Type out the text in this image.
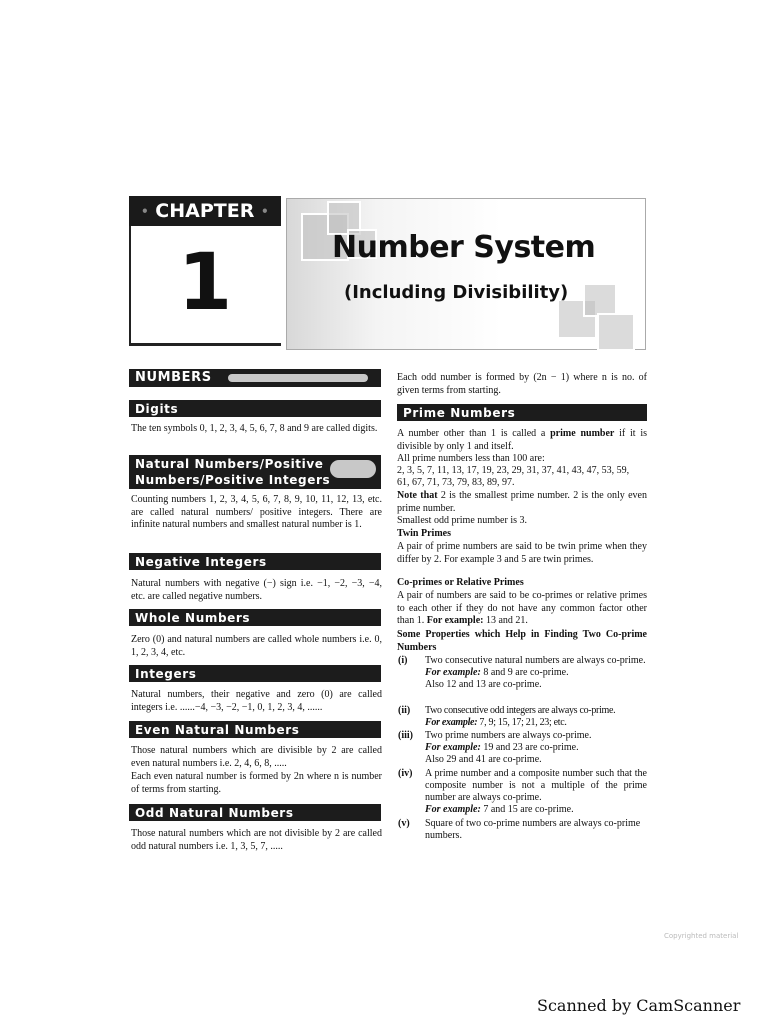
• CHAPTER •
1	Number System
(Including Divisibility)
NUMBERS
Digits
The ten symbols 0, 1, 2, 3, 4, 5, 6, 7, 8 and 9 are called digits.
Natural Numbers/Positive
Numbers/Positive Integers
Counting numbers 1, 2, 3, 4, 5, 6, 7, 8, 9, 10, 11, 12, 13, etc. are called natural numbers/ positive integers. There are infinite natural numbers and smallest natural number is 1.
Negative Integers
Natural numbers with negative (−) sign i.e. −1, −2, −3, −4, etc. are called negative numbers.
Whole Numbers
Zero (0) and natural numbers are called whole numbers i.e. 0, 1, 2, 3, 4, etc.
Integers
Natural numbers, their negative and zero (0) are called integers i.e. ......−4, −3, −2, −1, 0, 1, 2, 3, 4, ......
Even Natural Numbers
Those natural numbers which are divisible by 2 are called even natural numbers i.e. 2, 4, 6, 8, .....
Each even natural number is formed by 2n where n is number of terms from starting.
Odd Natural Numbers
Those natural numbers which are not divisible by 2 are called odd natural numbers i.e. 1, 3, 5, 7, .....
Each odd number is formed by (2n − 1) where n is no. of given terms from starting.
Prime Numbers
A number other than 1 is called a prime number if it is divisible by only 1 and itself.
All prime numbers less than 100 are:
2, 3, 5, 7, 11, 13, 17, 19, 23, 29, 31, 37, 41, 43, 47, 53, 59,
61, 67, 71, 73, 79, 83, 89, 97.
Note that 2 is the smallest prime number. 2 is the only even prime number.
Smallest odd prime number is 3.
Twin Primes
A pair of prime numbers are said to be twin prime when they differ by 2. For example 3 and 5 are twin primes.
Co-primes or Relative Primes
A pair of numbers are said to be co-primes or relative primes to each other if they do not have any common factor other than 1. For example: 13 and 21.
Some Properties which Help in Finding Two Co-prime Numbers
(i) Two consecutive natural numbers are always co-prime.
For example: 8 and 9 are co-prime.
Also 12 and 13 are co-prime.
(ii) Two consecutive odd integers are always co-prime.
For example: 7, 9; 15, 17; 21, 23; etc.
(iii) Two prime numbers are always co-prime.
For example: 19 and 23 are co-prime.
Also 29 and 41 are co-prime.
(iv) A prime number and a composite number such that the composite number is not a multiple of the prime number are always co-prime.
For example: 7 and 15 are co-prime.
(v) Square of two co-prime numbers are always co-prime numbers.
Copyrighted material
Scanned by CamScanner
